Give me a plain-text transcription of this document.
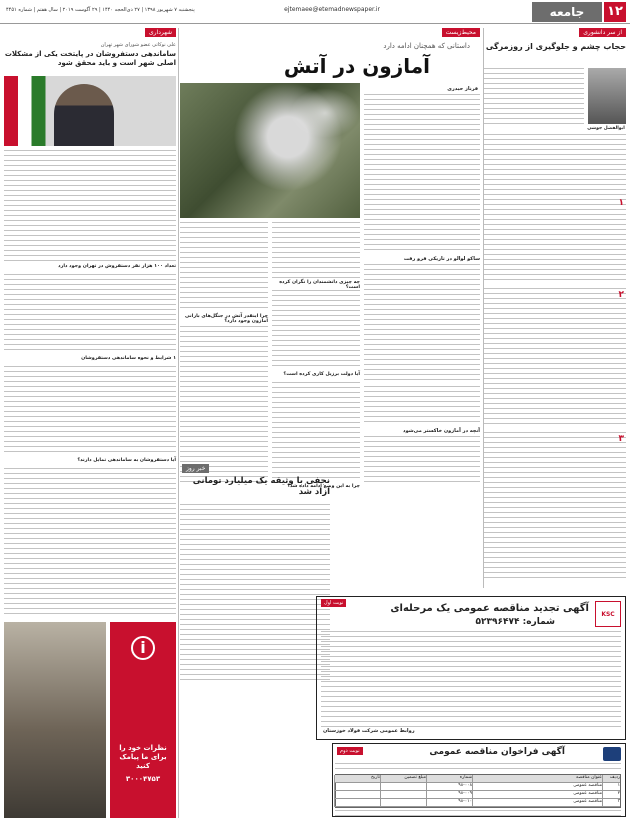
۱۲
جامعه
ejtemaee@etemadnewspaper.ir
پنجشنبه ۷ شهریور ۱۳۹۸ | ۲۷ ذی‌الحجه ۱۴۴۰ | ۲۹ آگوست ۲۰۱۹ | سال هفتم | شماره ۴۴۵۱
از سر دانشوری
حجاب چشم و جلوگیری از روزمرگی
ابوالفضل جوشی
۱
۲
۳
محیط‌زیست
داستانی که همچنان ادامه دارد
آمازون در آتش
فرناز حیدری
ساکو لوالو در تاریکی فرو رفت
چه چیزی دانشمندان را نگران کرده است؟
چرا اینقدر آتش در جنگل‌های بارانی آمازون وجود دارد؟
آیا دولت برزیل کاری کرده است؟
آنچه در آمازون خاکستر می‌شود
چرا به این وضع ادامه داده شد؟
شهرداری
علی نوکاتی عضو شورای شهر تهران
ساماندهی دستفروشان در پایتخت یکی از مشکلات اصلی شهر است و باید محقق شود
تعداد ۱۰۰ هزار نفر دستفروش در تهران وجود دارد
۱ شرایط و نحوه ساماندهی دستفروشان
آیا دستفروشان به ساماندهی تمایل دارند؟
i
نظرات خود را برای ما پیامک کنید
۳۰۰۰۴۷۵۳
خبر روز
نجفی با وثیقه یک میلیارد تومانی آزاد شد
نوبت اول	آگهی تجدید مناقصه عمومی یک مرحله‌ای
شماره: ۵۲۳۹۶۴۷۴
KSC
روابط عمومی شرکت فولاد خوزستان
نوبت دوم	آگهی فراخوان مناقصه عمومی
ردیف
عنوان مناقصه
شماره
مبلغ تضمین
تاریخ
۱
مناقصه عمومی
۹۸-۰۰۸
۲
مناقصه عمومی
۹۸-۰۰۹
۳
مناقصه عمومی
۹۸-۰۱۰
